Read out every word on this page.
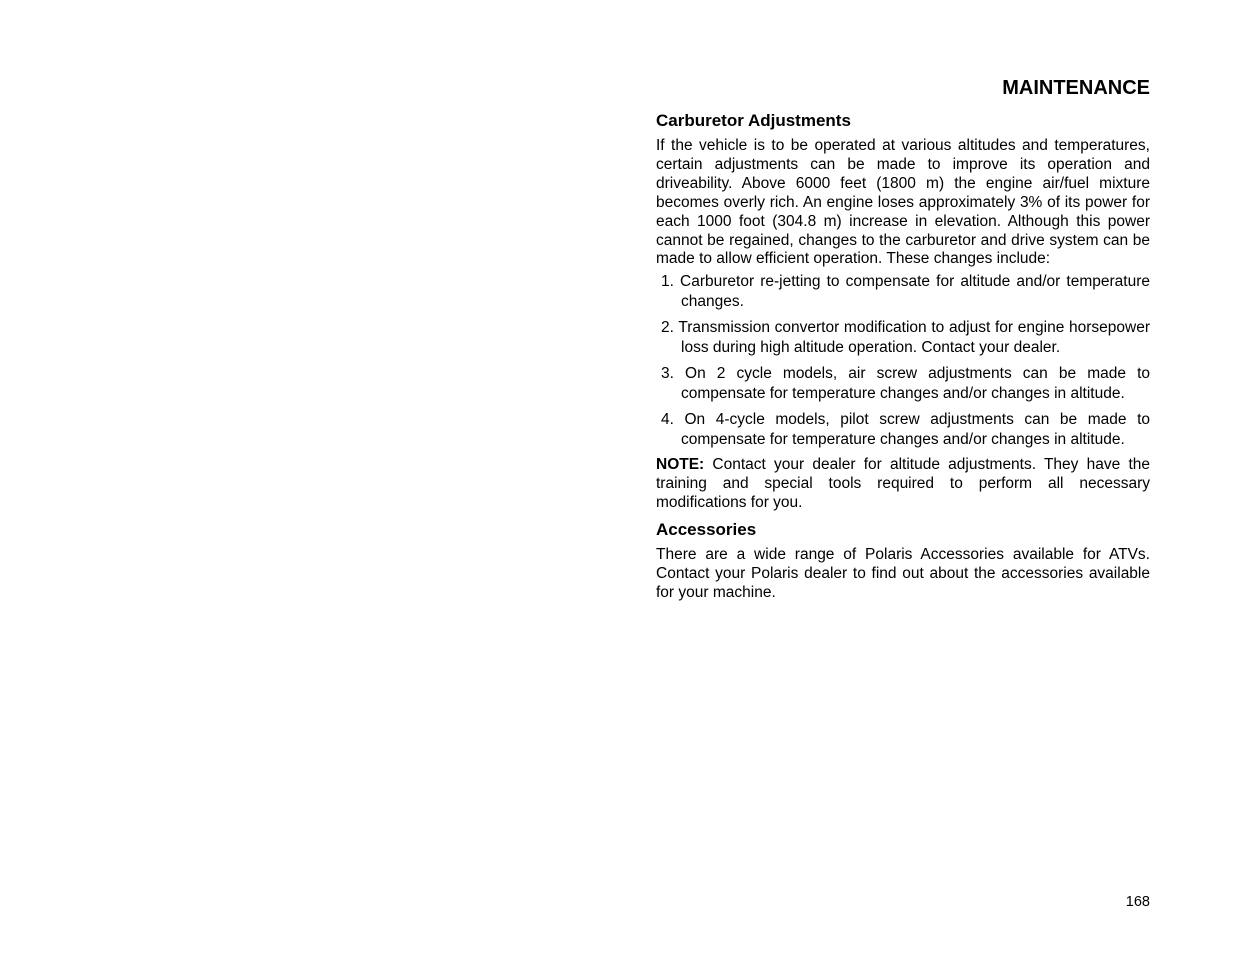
MAINTENANCE
Carburetor Adjustments
If the vehicle is to be operated at various altitudes and temperatures, certain adjustments can be made to improve its operation and driveability. Above 6000 feet (1800 m) the engine air/fuel mixture becomes overly rich. An engine loses approximately 3% of its power for each 1000 foot (304.8 m) increase in elevation. Although this power cannot be regained, changes to the carburetor and drive system can be made to allow efficient operation. These changes include:
1. Carburetor re-jetting to compensate for altitude and/or temperature changes.
2. Transmission convertor modification to adjust for engine horsepower loss during high altitude operation. Contact your dealer.
3. On 2 cycle models, air screw adjustments can be made to compensate for temperature changes and/or changes in altitude.
4. On 4-cycle models, pilot screw adjustments can be made to compensate for temperature changes and/or changes in altitude.
NOTE: Contact your dealer for altitude adjustments. They have the training and special tools required to perform all necessary modifications for you.
Accessories
There are a wide range of Polaris Accessories available for ATVs. Contact your Polaris dealer to find out about the accessories available for your machine.
168
